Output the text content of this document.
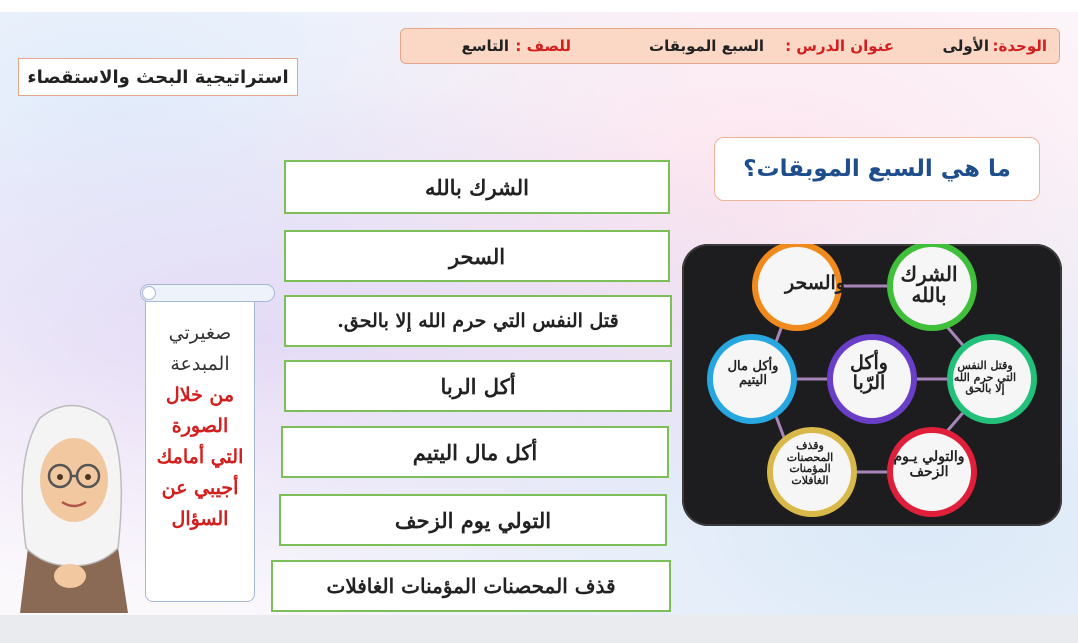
الوحدة:
الأولى
عنوان الدرس :
السبع الموبقات
للصف :
التاسع
استراتيجية البحث والاستقصاء
ما هي السبع الموبقات؟
الشرك بالله
السحر
قتل النفس التي حرم الله إلا بالحق.
أكل الربا
أكل مال اليتيم
التولي يوم الزحف
قذف المحصنات المؤمنات الغافلات
صغيرتي
المبدعة
من خلال
الصورة
التي أمامك
أجيبي عن
السؤال
الشرك بالله
والسحر
وقتل النفس التي حرم الله إلا بالحق
وأكل الرّبا
وأكل مال اليتيم
والتولي يـوم الزحف
وقذف المحصنات المؤمنات الغافلات
